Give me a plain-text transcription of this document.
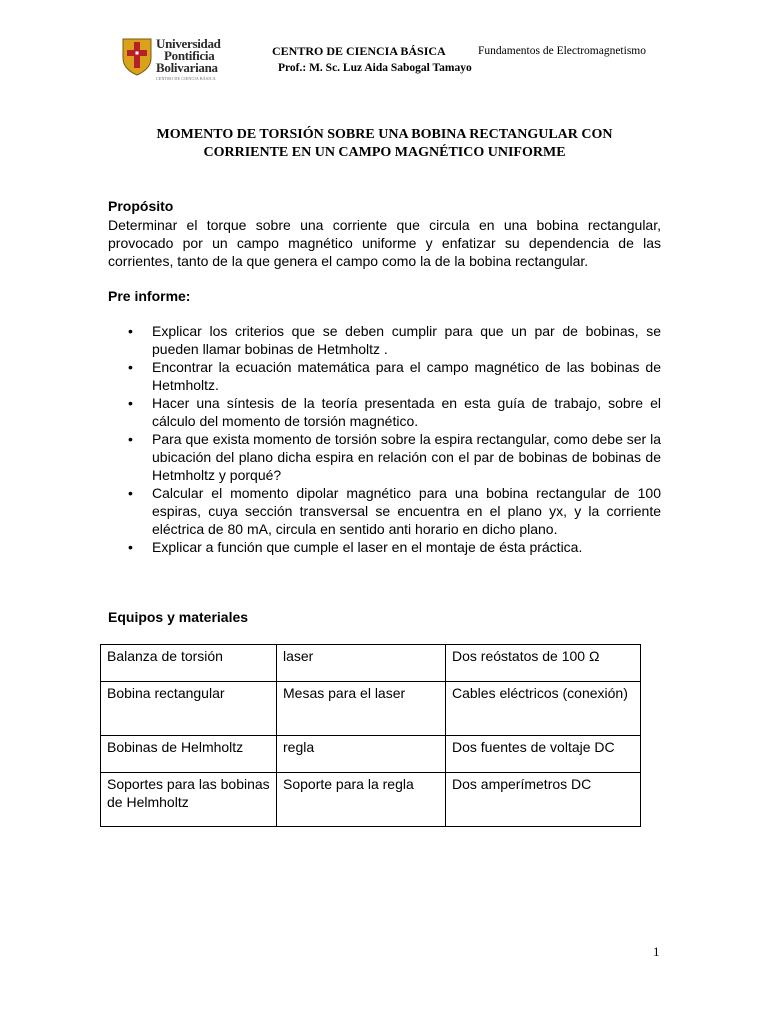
Universidad
Pontificia
Bolivariana
CENTRO DE CIENCIA BÁSICA
CENTRO DE CIENCIA BÁSICA	Fundamentos de Electromagnetismo
Prof.: M. Sc. Luz Aida Sabogal Tamayo
MOMENTO DE TORSIÓN SOBRE UNA BOBINA RECTANGULAR CON
CORRIENTE EN UN CAMPO MAGNÉTICO UNIFORME
Propósito

Determinar el torque sobre una corriente que circula en una bobina rectangular, provocado por un campo magnético uniforme y enfatizar su dependencia de las corrientes, tanto de la que genera el campo como la de la bobina rectangular.

Pre informe:
• Explicar los criterios que se deben cumplir para que un par de bobinas, se pueden llamar bobinas de Hetmholtz .
• Encontrar la ecuación matemática para el campo magnético de las bobinas de Hetmholtz.
• Hacer una síntesis de la teoría presentada en esta guía de trabajo, sobre el cálculo del momento de torsión magnético.
• Para que exista momento de torsión sobre la espira rectangular, como debe ser la ubicación del plano dicha espira en relación con el par de bobinas de bobinas de Hetmholtz y porqué?
• Calcular el momento dipolar magnético para una bobina rectangular de 100 espiras, cuya sección transversal se encuentra en el plano yx, y la corriente eléctrica de 80 mA, circula en sentido anti horario en dicho plano.
• Explicar a función que cumple el laser en el montaje de ésta práctica.
Equipos y materiales
Balanza de torsión	laser	Dos reóstatos de 100 Ω
Bobina rectangular	Mesas para el laser	Cables eléctricos (conexión)
Bobinas de Helmholtz	regla	Dos fuentes de voltaje DC
Soportes para las bobinas de Helmholtz	Soporte para la regla	Dos amperímetros DC
1
